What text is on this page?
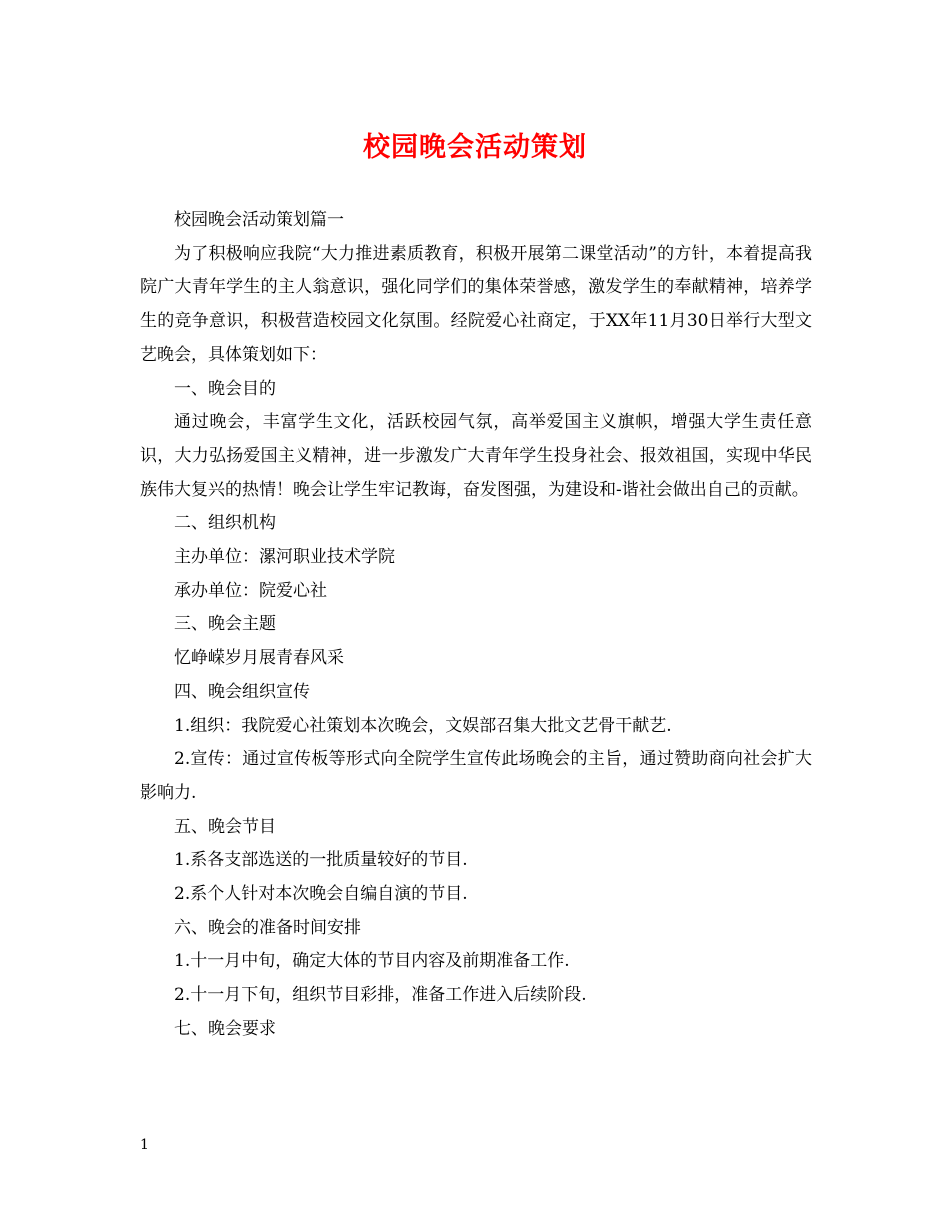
校园晚会活动策划

校园晚会活动策划篇一

为了积极响应我院“大力推进素质教育，积极开展第二课堂活动”的方针，本着提高我院广大青年学生的主人翁意识，强化同学们的集体荣誉感，激发学生的奉献精神，培养学生的竞争意识，积极营造校园文化氛围。经院爱心社商定，于XX年11月30日举行大型文艺晚会，具体策划如下：

一、晚会目的

通过晚会，丰富学生文化，活跃校园气氛，高举爱国主义旗帜，增强大学生责任意识，大力弘扬爱国主义精神，进一步激发广大青年学生投身社会、报效祖国，实现中华民族伟大复兴的热情！晚会让学生牢记教诲，奋发图强，为建设和-谐社会做出自己的贡献。

二、组织机构

主办单位：漯河职业技术学院

承办单位：院爱心社

三、晚会主题

忆峥嵘岁月展青春风采

四、晚会组织宣传

1.组织：我院爱心社策划本次晚会，文娱部召集大批文艺骨干献艺.

2.宣传：通过宣传板等形式向全院学生宣传此场晚会的主旨，通过赞助商向社会扩大影响力.

五、晚会节目

1.系各支部选送的一批质量较好的节目.

2.系个人针对本次晚会自编自演的节目.

六、晚会的准备时间安排

1.十一月中旬，确定大体的节目内容及前期准备工作.

2.十一月下旬，组织节目彩排，准备工作进入后续阶段.

七、晚会要求

1
